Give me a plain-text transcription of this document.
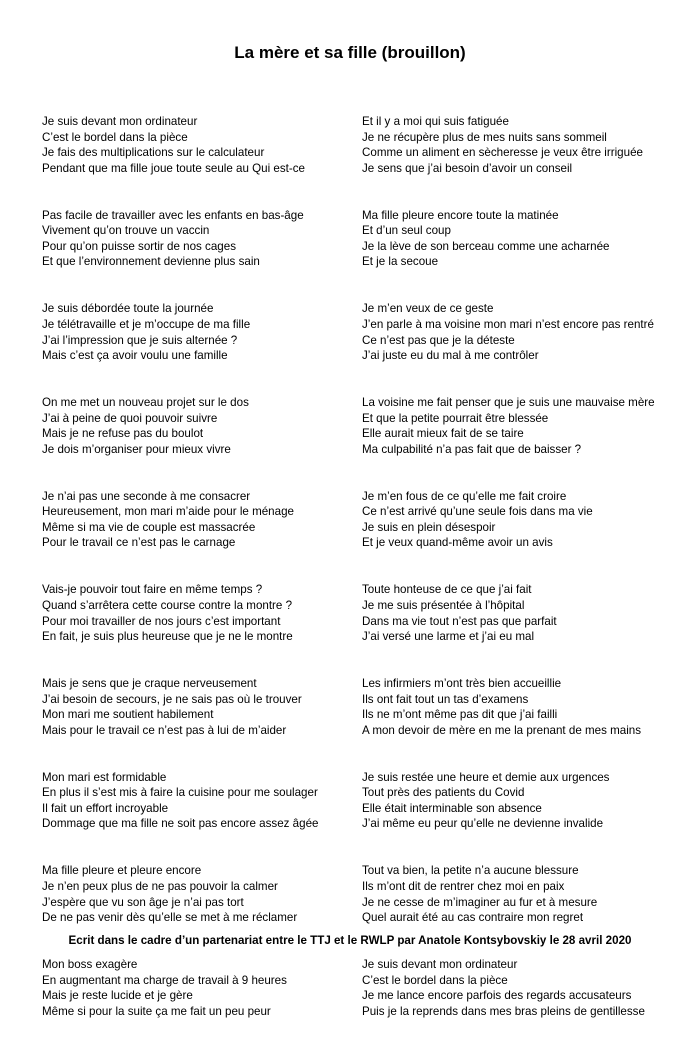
La mère et sa fille (brouillon)
Je suis devant mon ordinateur
C’est le bordel dans la pièce
Je fais des multiplications sur le calculateur
Pendant que ma fille joue toute seule au Qui est-ce
Pas facile de travailler avec les enfants en bas-âge
Vivement qu’on trouve un vaccin
Pour qu’on puisse sortir de nos cages
Et que l’environnement devienne plus sain
Je suis débordée toute la journée
Je télétravaille et je m’occupe de ma fille
J’ai l’impression que je suis alternée ?
Mais c’est ça avoir voulu une famille
On me met un nouveau projet sur le dos
J’ai à peine de quoi pouvoir suivre
Mais je ne refuse pas du boulot
Je dois m’organiser pour mieux vivre
Je n’ai pas une seconde à me consacrer
Heureusement, mon mari m’aide pour le ménage
Même si ma vie de couple est massacrée
Pour le travail ce n’est pas le carnage
Vais-je pouvoir tout faire en même temps ?
Quand s’arrêtera cette course contre la montre ?
Pour moi travailler de nos jours c’est important
En fait, je suis plus heureuse que je ne le montre
Mais je sens que je craque nerveusement
J’ai besoin de secours, je ne sais pas où le trouver
Mon mari me soutient habilement
Mais pour le travail ce n’est pas à lui de m’aider
Mon mari est formidable
En plus il s’est mis à faire la cuisine pour me soulager
Il fait un effort incroyable
Dommage que ma fille ne soit pas encore assez âgée
Ma fille pleure et pleure encore
Je n’en peux plus de ne pas pouvoir la calmer
J’espère que vu son âge je n’ai pas tort
De ne pas venir dès qu’elle se met à me réclamer
Mon boss exagère
En augmentant ma charge de travail à 9 heures
Mais je reste lucide et je gère
Même si pour la suite ça me fait un peu peur
Et il y a moi qui suis fatiguée
Je ne récupère plus de mes nuits sans sommeil
Comme un aliment en sècheresse je veux être irriguée
Je sens que j’ai besoin d’avoir un conseil
Ma fille pleure encore toute la matinée
Et d’un seul coup
Je la lève de son berceau comme une acharnée
Et je la secoue
Je m’en veux de ce geste
J’en parle à ma voisine mon mari n’est encore pas rentré
Ce n’est pas que je la déteste
J’ai juste eu du mal à me contrôler
La voisine me fait penser que je suis une mauvaise mère
Et que la petite pourrait être blessée
Elle aurait mieux fait de se taire
Ma culpabilité n’a pas fait que de baisser ?
Je m’en fous de ce qu’elle me fait croire
Ce n’est arrivé qu’une seule fois dans ma vie
Je suis en plein désespoir
Et je veux quand-même avoir un avis
Toute honteuse de ce que j’ai fait
Je me suis présentée à l’hôpital
Dans ma vie tout n’est pas que parfait
J’ai versé une larme et j’ai eu mal
Les infirmiers m’ont très bien accueillie
Ils ont fait tout un tas d’examens
Ils ne m’ont même pas dit que j’ai failli
A mon devoir de mère en me la prenant de mes mains
Je suis restée une heure et demie aux urgences
Tout près des patients du Covid
Elle était interminable son absence
J’ai même eu peur qu’elle ne devienne invalide
Tout va bien, la petite n’a aucune blessure
Ils m’ont dit de rentrer chez moi en paix
Je ne cesse de m’imaginer au fur et à mesure
Quel aurait été au cas contraire mon regret
Je suis devant mon ordinateur
C’est le bordel dans la pièce
Je me lance encore parfois des regards accusateurs
Puis je la reprends dans mes bras pleins de gentillesse

Ecrit dans le cadre d’un partenariat entre le TTJ et le RWLP par Anatole Kontsybovskiy le 28 avril 2020
